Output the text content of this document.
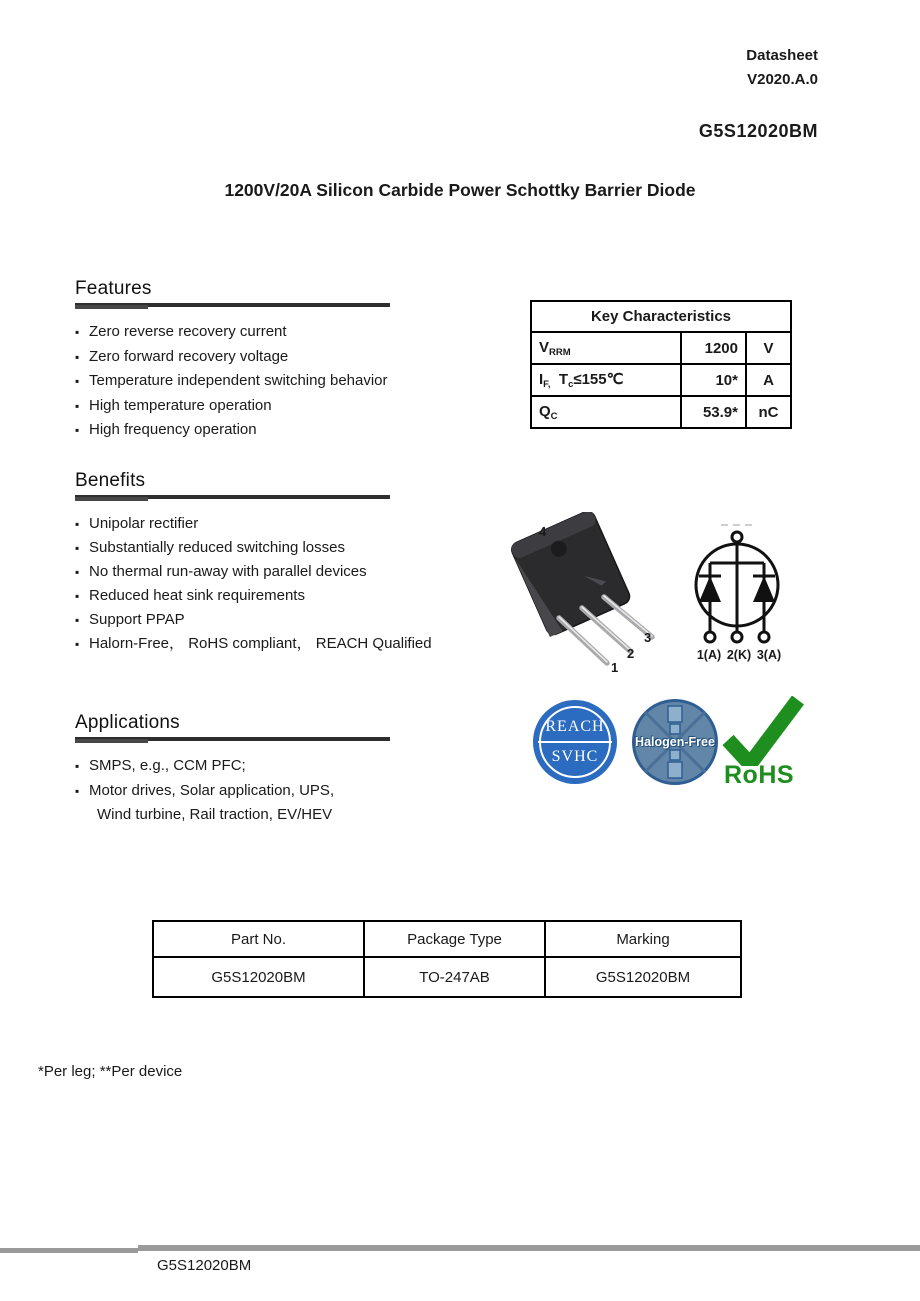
Datasheet
V2020.A.0
G5S12020BM
1200V/20A Silicon Carbide Power Schottky Barrier Diode
Features
▪ Zero reverse recovery current
▪ Zero forward recovery voltage
▪ Temperature independent switching behavior
▪ High temperature operation
▪ High frequency operation
Key Characteristics		
$V_{RRM}$	1200	V
$I_{F,}$  $T_c\le 155℃$	10*	A
$Q_C$	53.9*	nC
Benefits
▪ Unipolar rectifier
▪ Substantially reduced switching losses
▪ No thermal run-away with parallel devices
▪ Reduced heat sink requirements
▪ Support PPAP
▪ Halorn-Free， RoHS compliant， REACH Qualified
1
2
3
4
1(A) 2(K) 3(A)
REACH
SVHC
Halogen-Free
RoHS
Applications
▪ SMPS, e.g., CCM PFC;
▪ Motor drives, Solar application, UPS,
Wind turbine, Rail traction, EV/HEV
Part No.	Package Type	Marking
G5S12020BM	TO-247AB	G5S12020BM
*Per leg; **Per device
G5S12020BM
